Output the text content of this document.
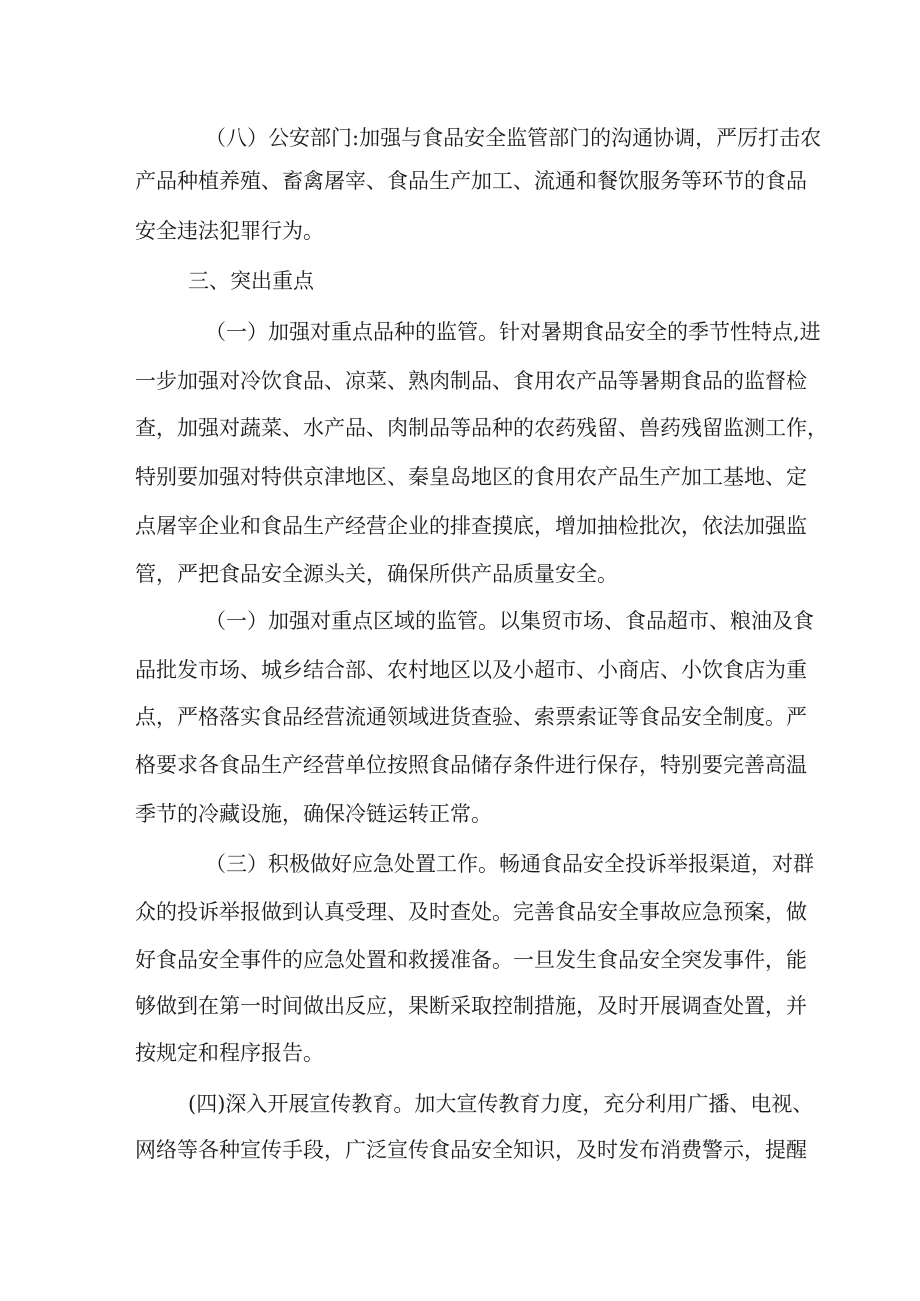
（八）公安部门:加强与食品安全监管部门的沟通协调，严厉打击农
产品种植养殖、畜禽屠宰、食品生产加工、流通和餐饮服务等环节的食品
安全违法犯罪行为。
三、突出重点
（一）加强对重点品种的监管。针对暑期食品安全的季节性特点,进
一步加强对冷饮食品、凉菜、熟肉制品、食用农产品等暑期食品的监督检
查，加强对蔬菜、水产品、肉制品等品种的农药残留、兽药残留监测工作，
特别要加强对特供京津地区、秦皇岛地区的食用农产品生产加工基地、定
点屠宰企业和食品生产经营企业的排查摸底，增加抽检批次，依法加强监
管，严把食品安全源头关，确保所供产品质量安全。
（一）加强对重点区域的监管。以集贸市场、食品超市、粮油及食
品批发市场、城乡结合部、农村地区以及小超市、小商店、小饮食店为重
点，严格落实食品经营流通领域进货查验、索票索证等食品安全制度。严
格要求各食品生产经营单位按照食品储存条件进行保存，特别要完善高温
季节的冷藏设施，确保冷链运转正常。
（三）积极做好应急处置工作。畅通食品安全投诉举报渠道，对群
众的投诉举报做到认真受理、及时查处。完善食品安全事故应急预案，做
好食品安全事件的应急处置和救援准备。一旦发生食品安全突发事件，能
够做到在第一时间做出反应，果断采取控制措施，及时开展调查处置，并
按规定和程序报告。
(四)深入开展宣传教育。加大宣传教育力度，充分利用广播、电视、
网络等各种宣传手段，广泛宣传食品安全知识，及时发布消费警示，提醒
